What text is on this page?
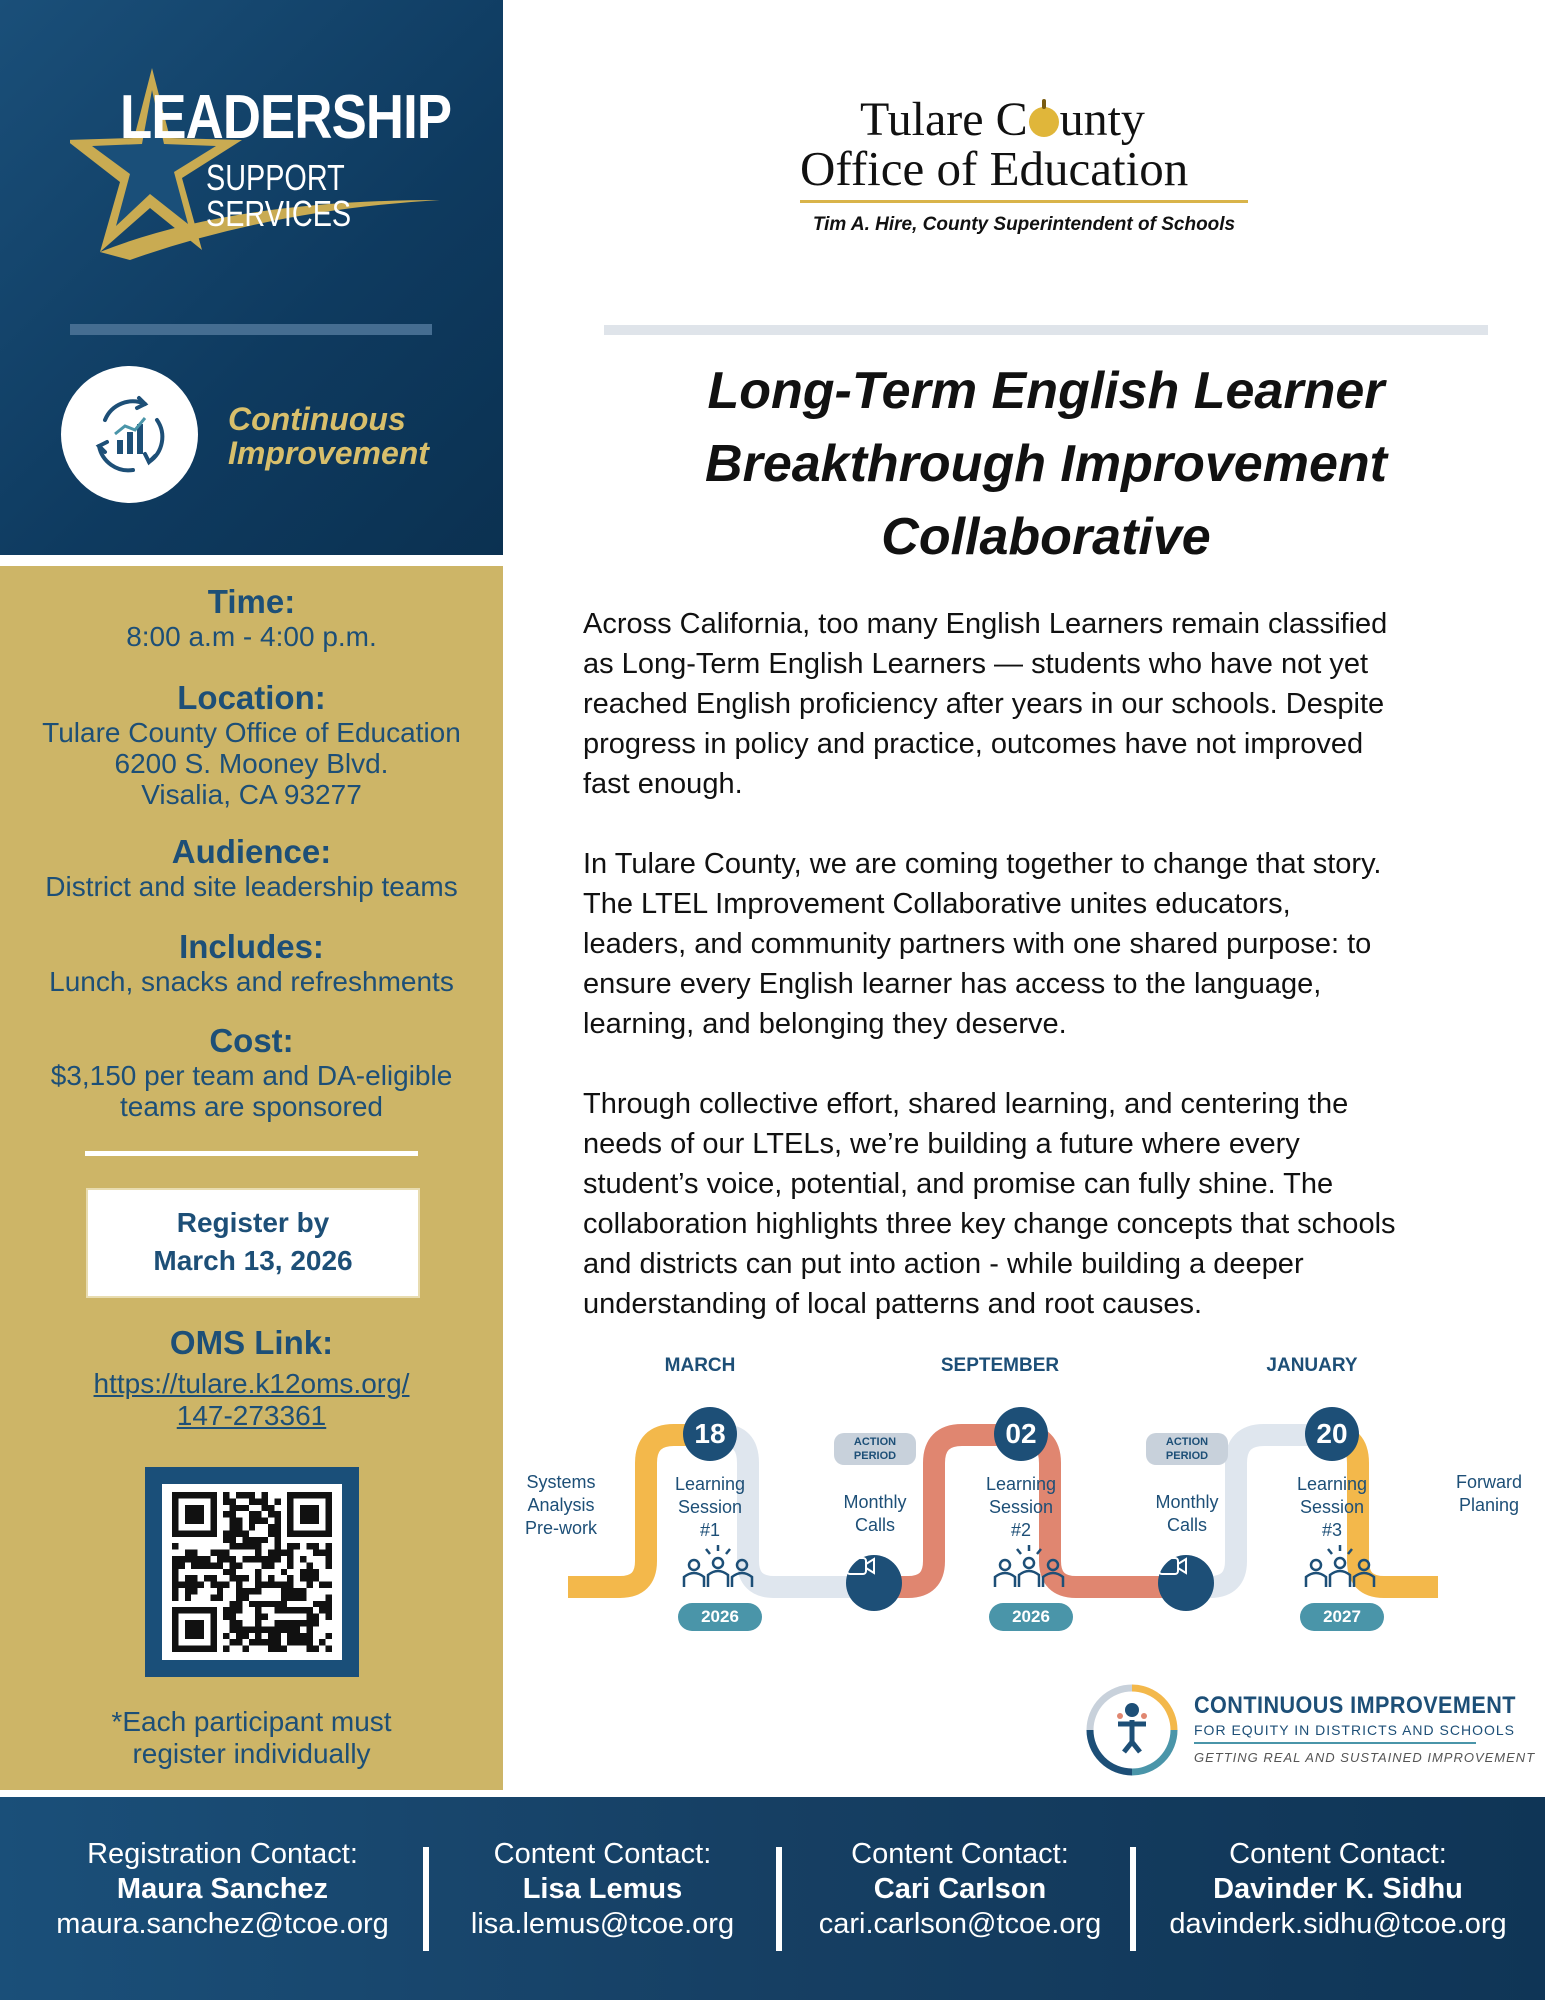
LEADERSHIP
SUPPORT
SERVICES
Continuous
Improvement
Time:
8:00 a.m - 4:00 p.m.
Location:
Tulare County Office of Education
6200 S. Mooney Blvd.
Visalia, CA 93277
Audience:
District and site leadership teams
Includes:
Lunch, snacks and refreshments
Cost:
$3,150 per team and DA-eligible
teams are sponsored
Register by
March 13, 2026
OMS Link:
https://tulare.k12oms.org/
147-273361
*Each participant must
register individually
Tulare C unty
Office of Education
Tim A. Hire, County Superintendent of Schools
Long-Term English Learner
Breakthrough Improvement
Collaborative

Across California, too many English Learners remain classified
as Long-Term English Learners — students who have not yet
reached English proficiency after years in our schools. Despite
progress in policy and practice, outcomes have not improved
fast enough.

In Tulare County, we are coming together to change that story.
The LTEL Improvement Collaborative unites educators,
leaders, and community partners with one shared purpose: to
ensure every English learner has access to the language,
learning, and belonging they deserve.

Through collective effort, shared learning, and centering the
needs of our LTELs, we’re building a future where every
student’s voice, potential, and promise can fully shine. The
collaboration highlights three key change concepts that schools
and districts can put into action - while building a deeper
understanding of local patterns and root causes.

MARCH
18
Learning
Session
#1
2026
SEPTEMBER
02
Learning
Session
#2
2026
JANUARY
20
Learning
Session
#3
2027
Systems
Analysis
Pre-work
Forward
Planing
ACTION
PERIOD
Monthly
Calls
ACTION
PERIOD
Monthly
Calls
CONTINUOUS IMPROVEMENT
FOR EQUITY IN DISTRICTS AND SCHOOLS
GETTING REAL AND SUSTAINED IMPROVEMENT
Registration Contact:
Maura Sanchez
maura.sanchez@tcoe.org
Content Contact:
Lisa Lemus
lisa.lemus@tcoe.org
Content Contact:
Cari Carlson
cari.carlson@tcoe.org
Content Contact:
Davinder K. Sidhu
davinderk.sidhu@tcoe.org
